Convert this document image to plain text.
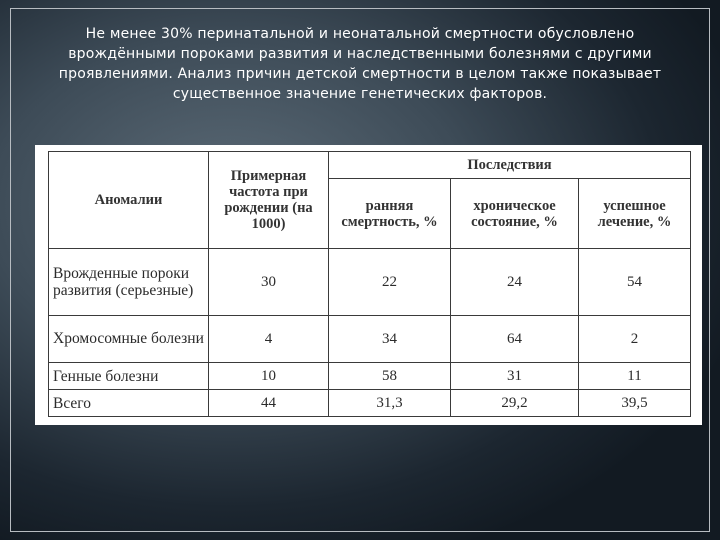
Не менее 30% перинатальной и неонатальной смертности обусловлено врождёнными пороками развития и наследственными болезнями с другими проявлениями. Анализ причин детской смертности в целом также показывает существенное значение генетических факторов.
Аномалии	Примерная частота при рождении (на 1000)	Последствия		
		ранняя смертность, %	хроническое состояние, %	успешное лечение, %
Врожденные пороки развития (серьезные)	30	22	24	54
Хромосомные болезни	4	34	64	2
Генные болезни	10	58	31	11
Всего	44	31,3	29,2	39,5
